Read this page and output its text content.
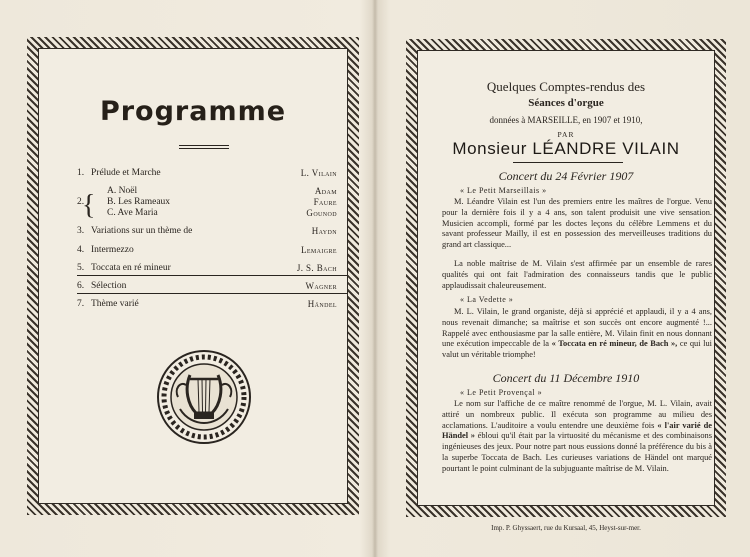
Programme
1. Prélude et Marche	L. Vilain
{ A. Noël	Adam
2. B. Les Rameaux	Faure
C. Ave Maria	Gounod
3. Variations sur un thème de	Haydn
4. Intermezzo	Lemaigre
5. Toccata en ré mineur	J. S. Bach
6. Sélection	Wagner
7. Thème varié	Händel
Quelques Comptes-rendus des
Séances d'orgue
données à MARSEILLE, en 1907 et 1910,
PAR
Monsieur LÉANDRE VILAIN
Concert du 24 Février 1907
« Le Petit Marseillais »

M. Léandre Vilain est l'un des premiers entre les maîtres de l'orgue. Venu pour la dernière fois il y a 4 ans, son talent produisit une vive sensation. Musicien accompli, formé par les doctes leçons du célèbre Lemmens et du savant professeur Mailly, il est en possession des merveilleuses traditions du grand art classique...

La noble maîtrise de M. Vilain s'est affirmée par un ensemble de rares qualités qui ont fait l'admiration des connaisseurs tandis que le public applaudissait chaleureusement.

« La Vedette »

M. L. Vilain, le grand organiste, déjà si apprécié et applaudi, il y a 4 ans, nous revenait dimanche; sa maîtrise et son succès ont encore augmenté !... Rappelé avec enthousiasme par la salle entière, M. Vilain finit en nous donnant une exécution impeccable de la « Toccata en ré mineur, de Bach », ce qui lui valut un véritable triomphe!

Concert du 11 Décembre 1910
« Le Petit Provençal »

Le nom sur l'affiche de ce maître renommé de l'orgue, M. L. Vilain, avait attiré un nombreux public. Il exécuta son programme au milieu des acclamations. L'auditoire a voulu entendre une deuxième fois « l'air varié de Händel » ébloui qu'il était par la virtuosité du mécanisme et des combinaisons ingénieuses des jeux. Pour notre part nous eussions donné la préférence du bis à la superbe Toccata de Bach. Les curieuses variations de Händel ont marqué pourtant le point culminant de la subjuguante maîtrise de M. Vilain.

Imp. P. Ghyssaert, rue du Kursaal, 45, Heyst-sur-mer.
